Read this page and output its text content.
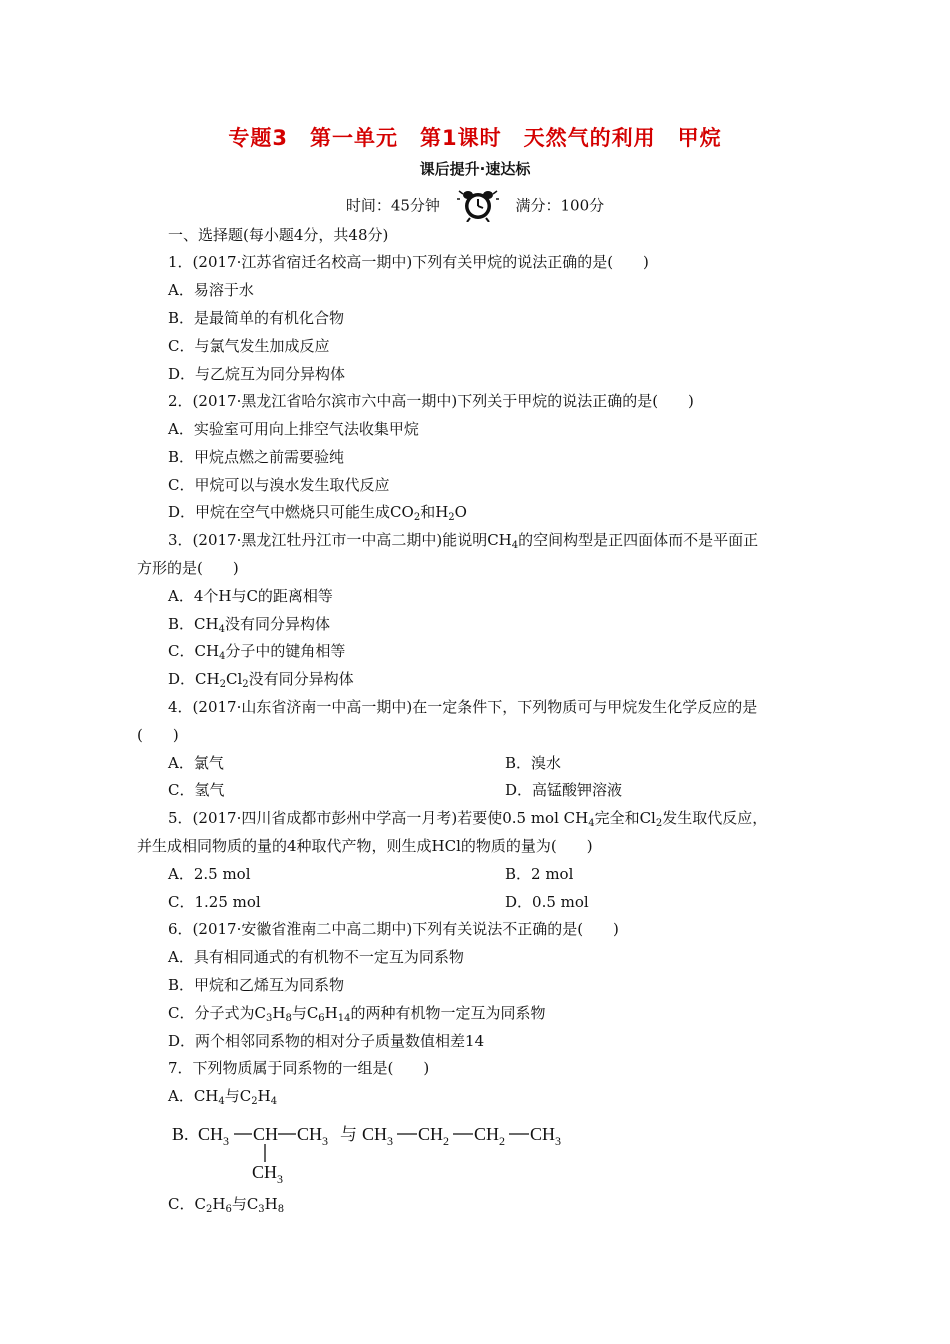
专题3　第一单元　第1课时　天然气的利用　甲烷
课后提升·速达标
时间：45分钟	满分：100分
一、选择题(每小题4分，共48分)
1．(2017·江苏省宿迁名校高一期中)下列有关甲烷的说法正确的是(　　)
A．易溶于水
B．是最简单的有机化合物
C．与氯气发生加成反应
D．与乙烷互为同分异构体
2．(2017·黑龙江省哈尔滨市六中高一期中)下列关于甲烷的说法正确的是(　　)
A．实验室可用向上排空气法收集甲烷
B．甲烷点燃之前需要验纯
C．甲烷可以与溴水发生取代反应
D．甲烷在空气中燃烧只可能生成$CO_2$和$H_2O$
3．(2017·黑龙江牡丹江市一中高二期中)能说明$CH_4$的空间构型是正四面体而不是平面正
方形的是(　　)
A．4个H与C的距离相等
B．$CH_4$没有同分异构体
C．$CH_4$分子中的键角相等
D．$CH_2Cl_2$没有同分异构体
4．(2017·山东省济南一中高一期中)在一定条件下，下列物质可与甲烷发生化学反应的是
(　　)
A．氯气	B．溴水
C．氢气	D．高锰酸钾溶液
5．(2017·四川省成都市彭州中学高一月考)若要使0.5 mol $CH_4$完全和$Cl_2$发生取代反应，
并生成相同物质的量的4种取代产物，则生成HCl的物质的量为(　　)
A．2.5 mol	B．2 mol
C．1.25 mol	D．0.5 mol
6．(2017·安徽省淮南二中高二期中)下列有关说法不正确的是(　　)
A．具有相同通式的有机物不一定互为同系物
B．甲烷和乙烯互为同系物
C．分子式为$C_3H_8$与$C_6H_{14}$的两种有机物一定互为同系物
D．两个相邻同系物的相对分子质量数值相差14
7．下列物质属于同系物的一组是(　　)
A．$CH_4$与$C_2H_4$
B. $CH_3$ CH $CH_3$
$CH_3$
与 $CH_3$ $CH_2$ $CH_2$ $CH_3$
C．$C_2H_6$与$C_3H_8$
